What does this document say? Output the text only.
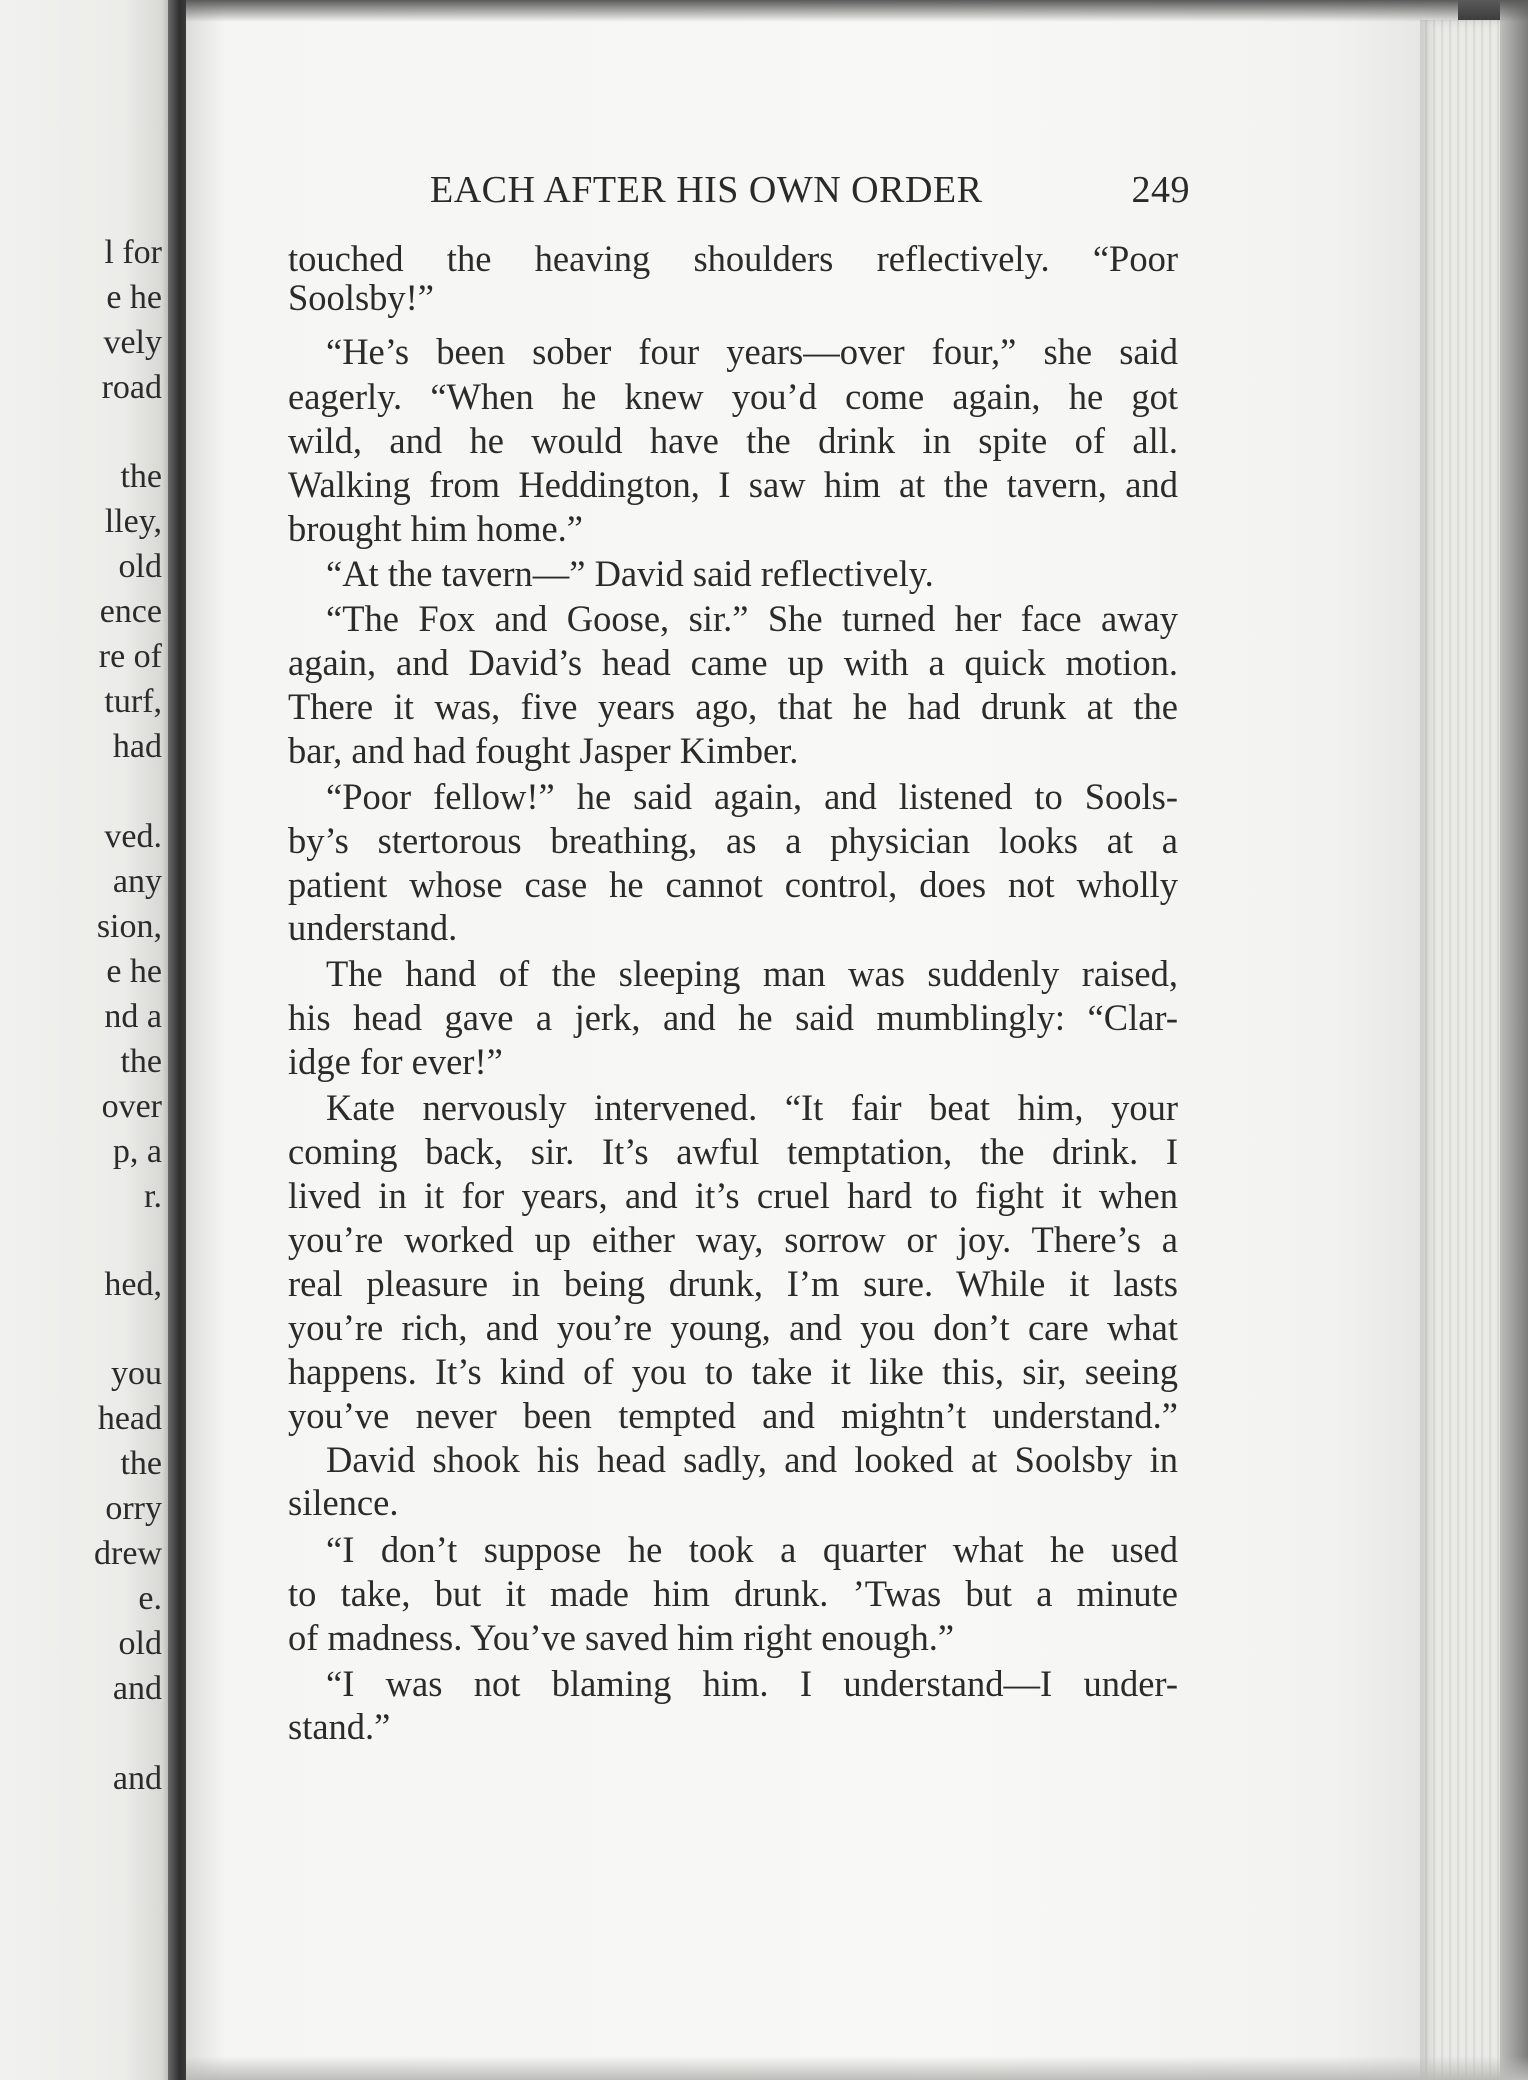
l for
e he
vely
road
the
lley,
old
ence
re of
turf,
had
ved.
any
sion,
e he
nd a
the
over
p, a
r.
hed,
you
head
the
orry
drew
e.
old
and
and
EACH AFTER HIS OWN ORDER	249
touched the heaving shoulders reflectively. “Poor
Soolsby!”
“He’s been sober four years—over four,” she said
eagerly. “When he knew you’d come again, he got
wild, and he would have the drink in spite of all.
Walking from Heddington, I saw him at the tavern, and
brought him home.”
“At the tavern—” David said reflectively.
“The Fox and Goose, sir.” She turned her face away
again, and David’s head came up with a quick motion.
There it was, five years ago, that he had drunk at the
bar, and had fought Jasper Kimber.
“Poor fellow!” he said again, and listened to Sools-
by’s stertorous breathing, as a physician looks at a
patient whose case he cannot control, does not wholly
understand.
The hand of the sleeping man was suddenly raised,
his head gave a jerk, and he said mumblingly: “Clar-
idge for ever!”
Kate nervously intervened. “It fair beat him, your
coming back, sir. It’s awful temptation, the drink. I
lived in it for years, and it’s cruel hard to fight it when
you’re worked up either way, sorrow or joy. There’s a
real pleasure in being drunk, I’m sure. While it lasts
you’re rich, and you’re young, and you don’t care what
happens. It’s kind of you to take it like this, sir, seeing
you’ve never been tempted and mightn’t understand.”
David shook his head sadly, and looked at Soolsby in
silence.
“I don’t suppose he took a quarter what he used
to take, but it made him drunk. ’Twas but a minute
of madness. You’ve saved him right enough.”
“I was not blaming him. I understand—I under-
stand.”
